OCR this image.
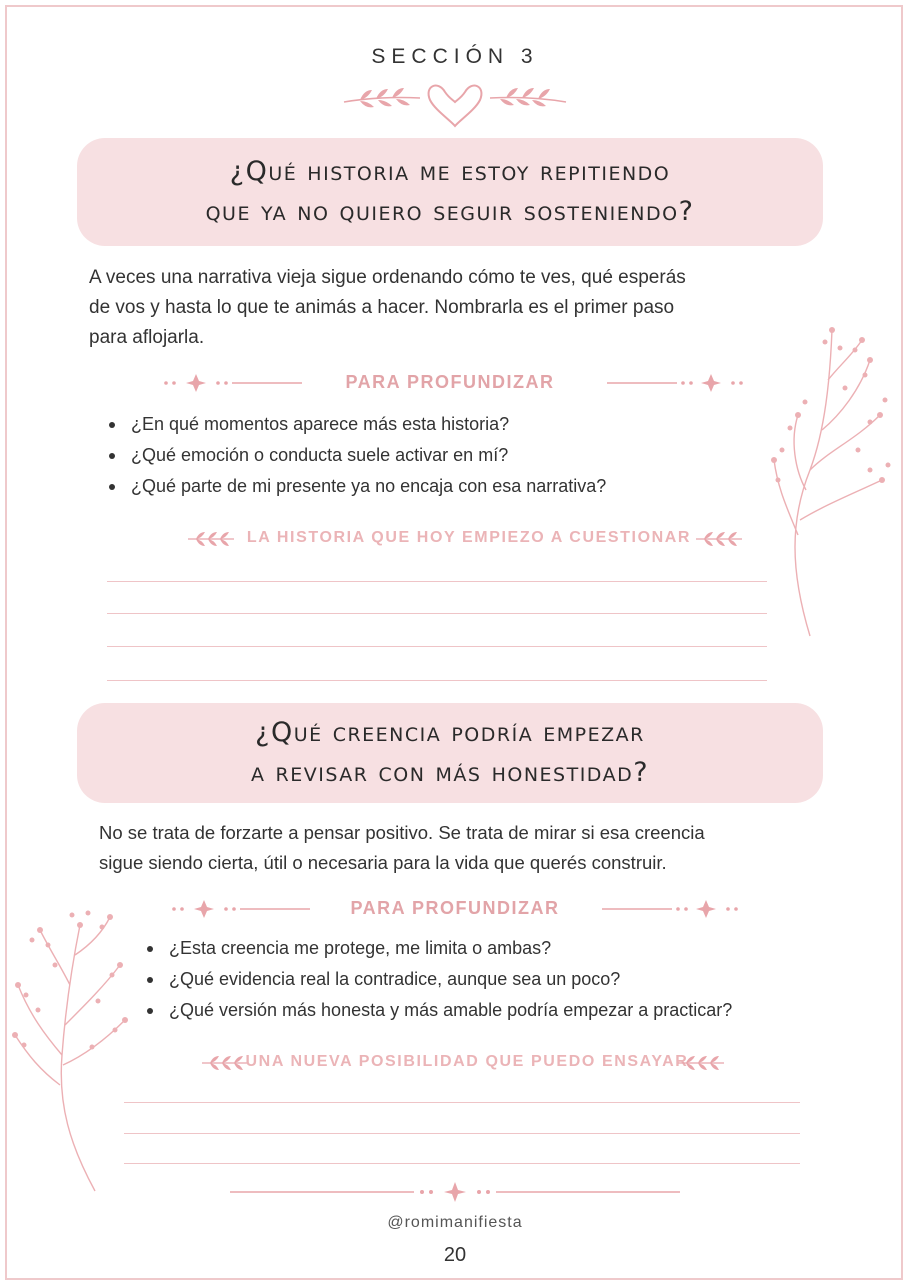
SECCIÓN 3
¿Qué historia me estoy repitiendo
que ya no quiero seguir sosteniendo?
A veces una narrativa vieja sigue ordenando cómo te ves, qué esperás
de vos y hasta lo que te animás a hacer. Nombrarla es el primer paso
para aflojarla.
PARA PROFUNDIZAR
¿En qué momentos aparece más esta historia?
¿Qué emoción o conducta suele activar en mí?
¿Qué parte de mi presente ya no encaja con esa narrativa?
LA HISTORIA QUE HOY EMPIEZO A CUESTIONAR
¿Qué creencia podría empezar
a revisar con más honestidad?
No se trata de forzarte a pensar positivo. Se trata de mirar si esa creencia
sigue siendo cierta, útil o necesaria para la vida que querés construir.
PARA PROFUNDIZAR
¿Esta creencia me protege, me limita o ambas?
¿Qué evidencia real la contradice, aunque sea un poco?
¿Qué versión más honesta y más amable podría empezar a practicar?
UNA NUEVA POSIBILIDAD QUE PUEDO ENSAYAR
@romimanifiesta
20
